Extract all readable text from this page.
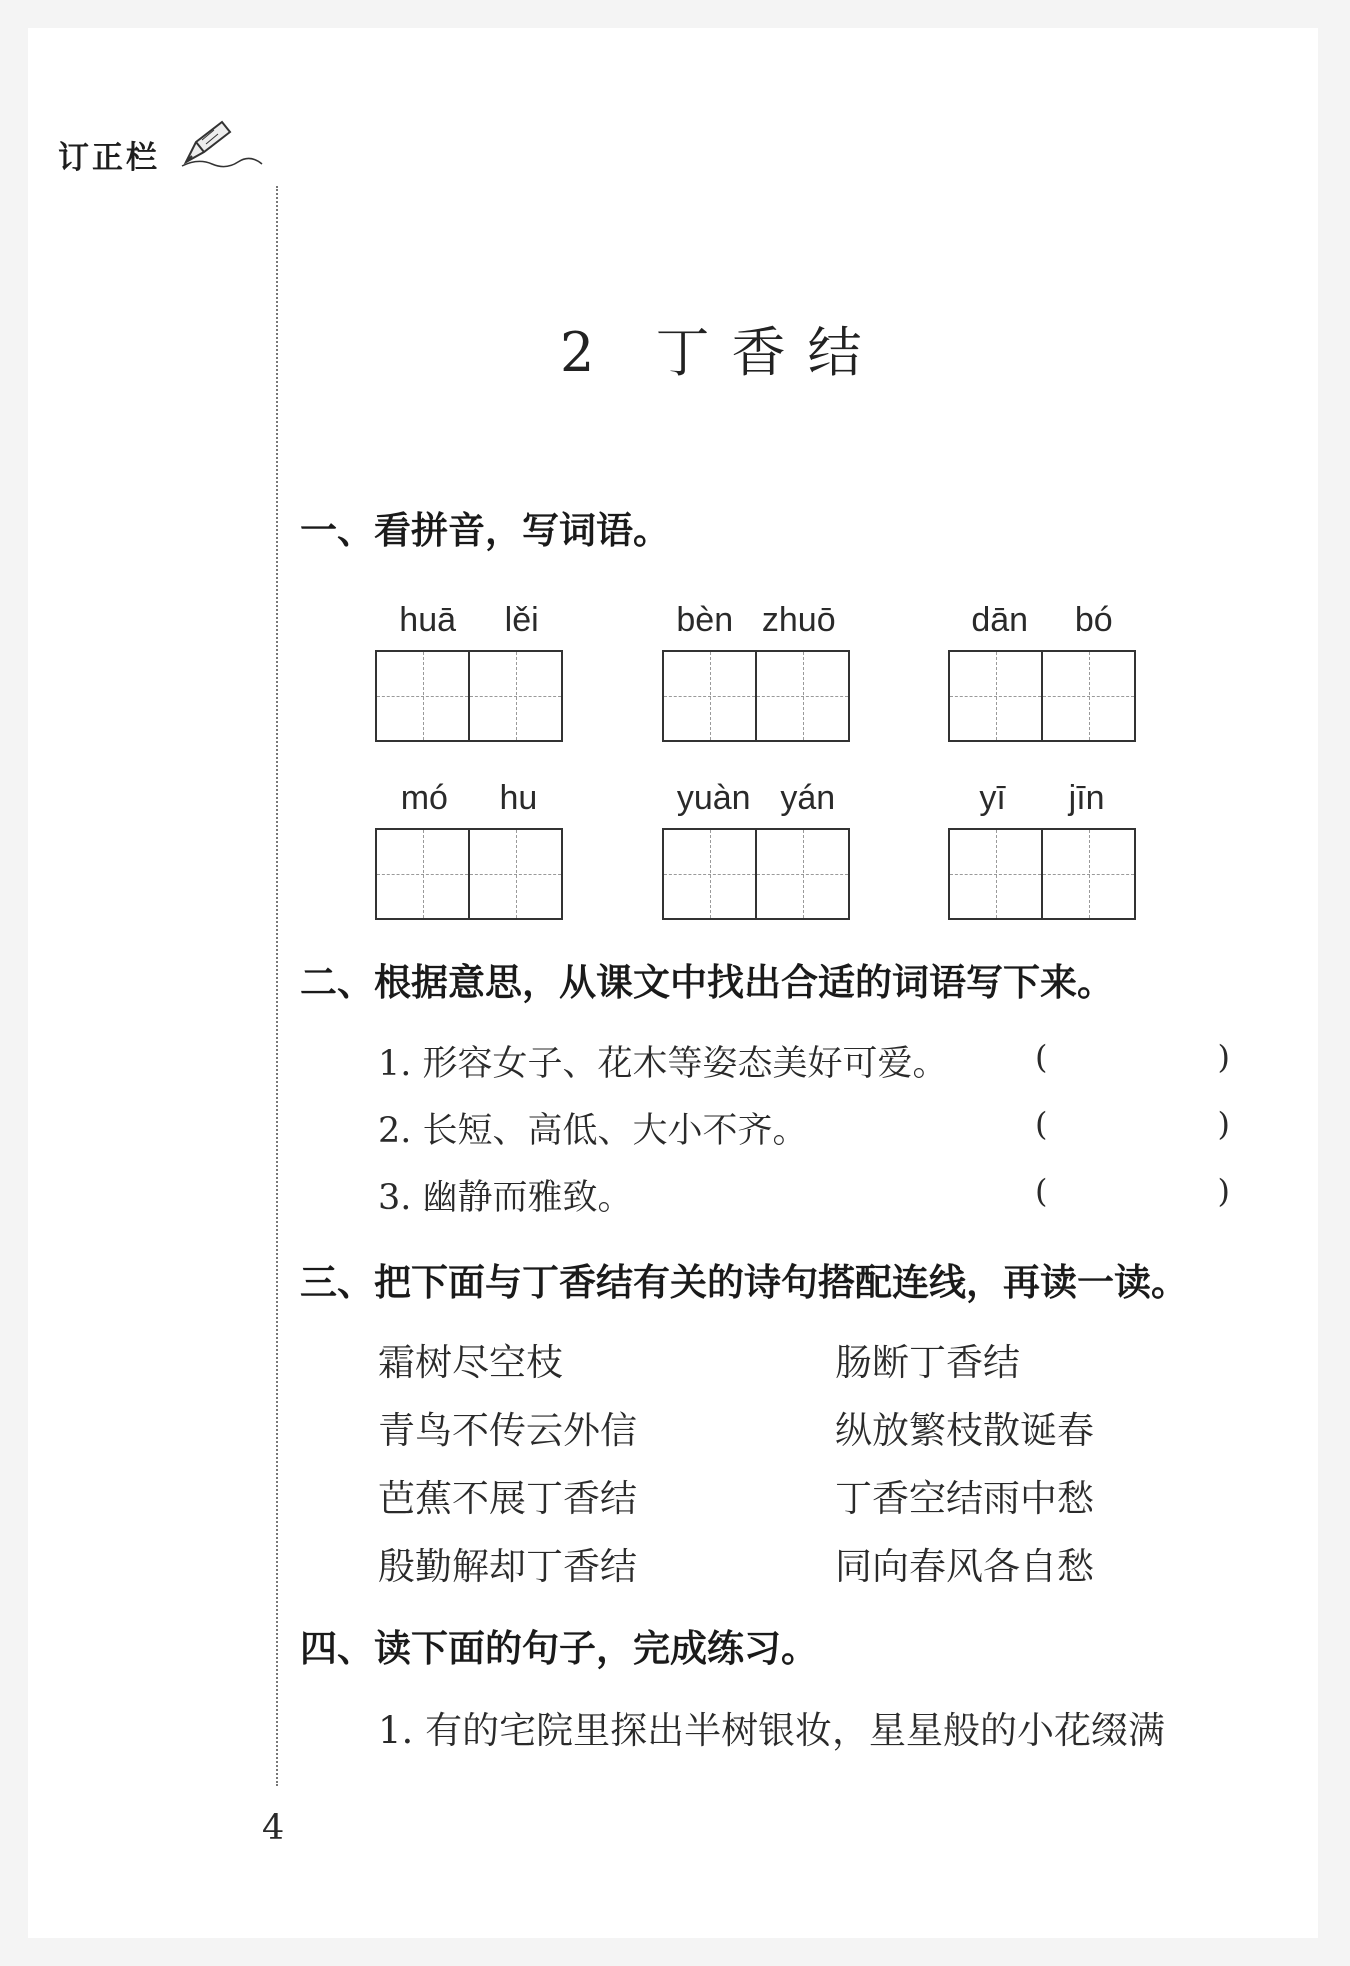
订正栏
2 丁香结
一、看拼音，写词语。
huā lěi	bèn zhuō	dān bó
mó hu	yuàn yán	yī jīn
二、根据意思，从课文中找出合适的词语写下来。
1. 形容女子、花木等姿态美好可爱。	(	)
2. 长短、高低、大小不齐。	(	)
3. 幽静而雅致。	(	)
三、把下面与丁香结有关的诗句搭配连线，再读一读。
霜树尽空枝	肠断丁香结
青鸟不传云外信	纵放繁枝散诞春
芭蕉不展丁香结	丁香空结雨中愁
殷勤解却丁香结	同向春风各自愁
四、读下面的句子，完成练习。
1. 有的宅院里探出半树银妆，星星般的小花缀满
4
